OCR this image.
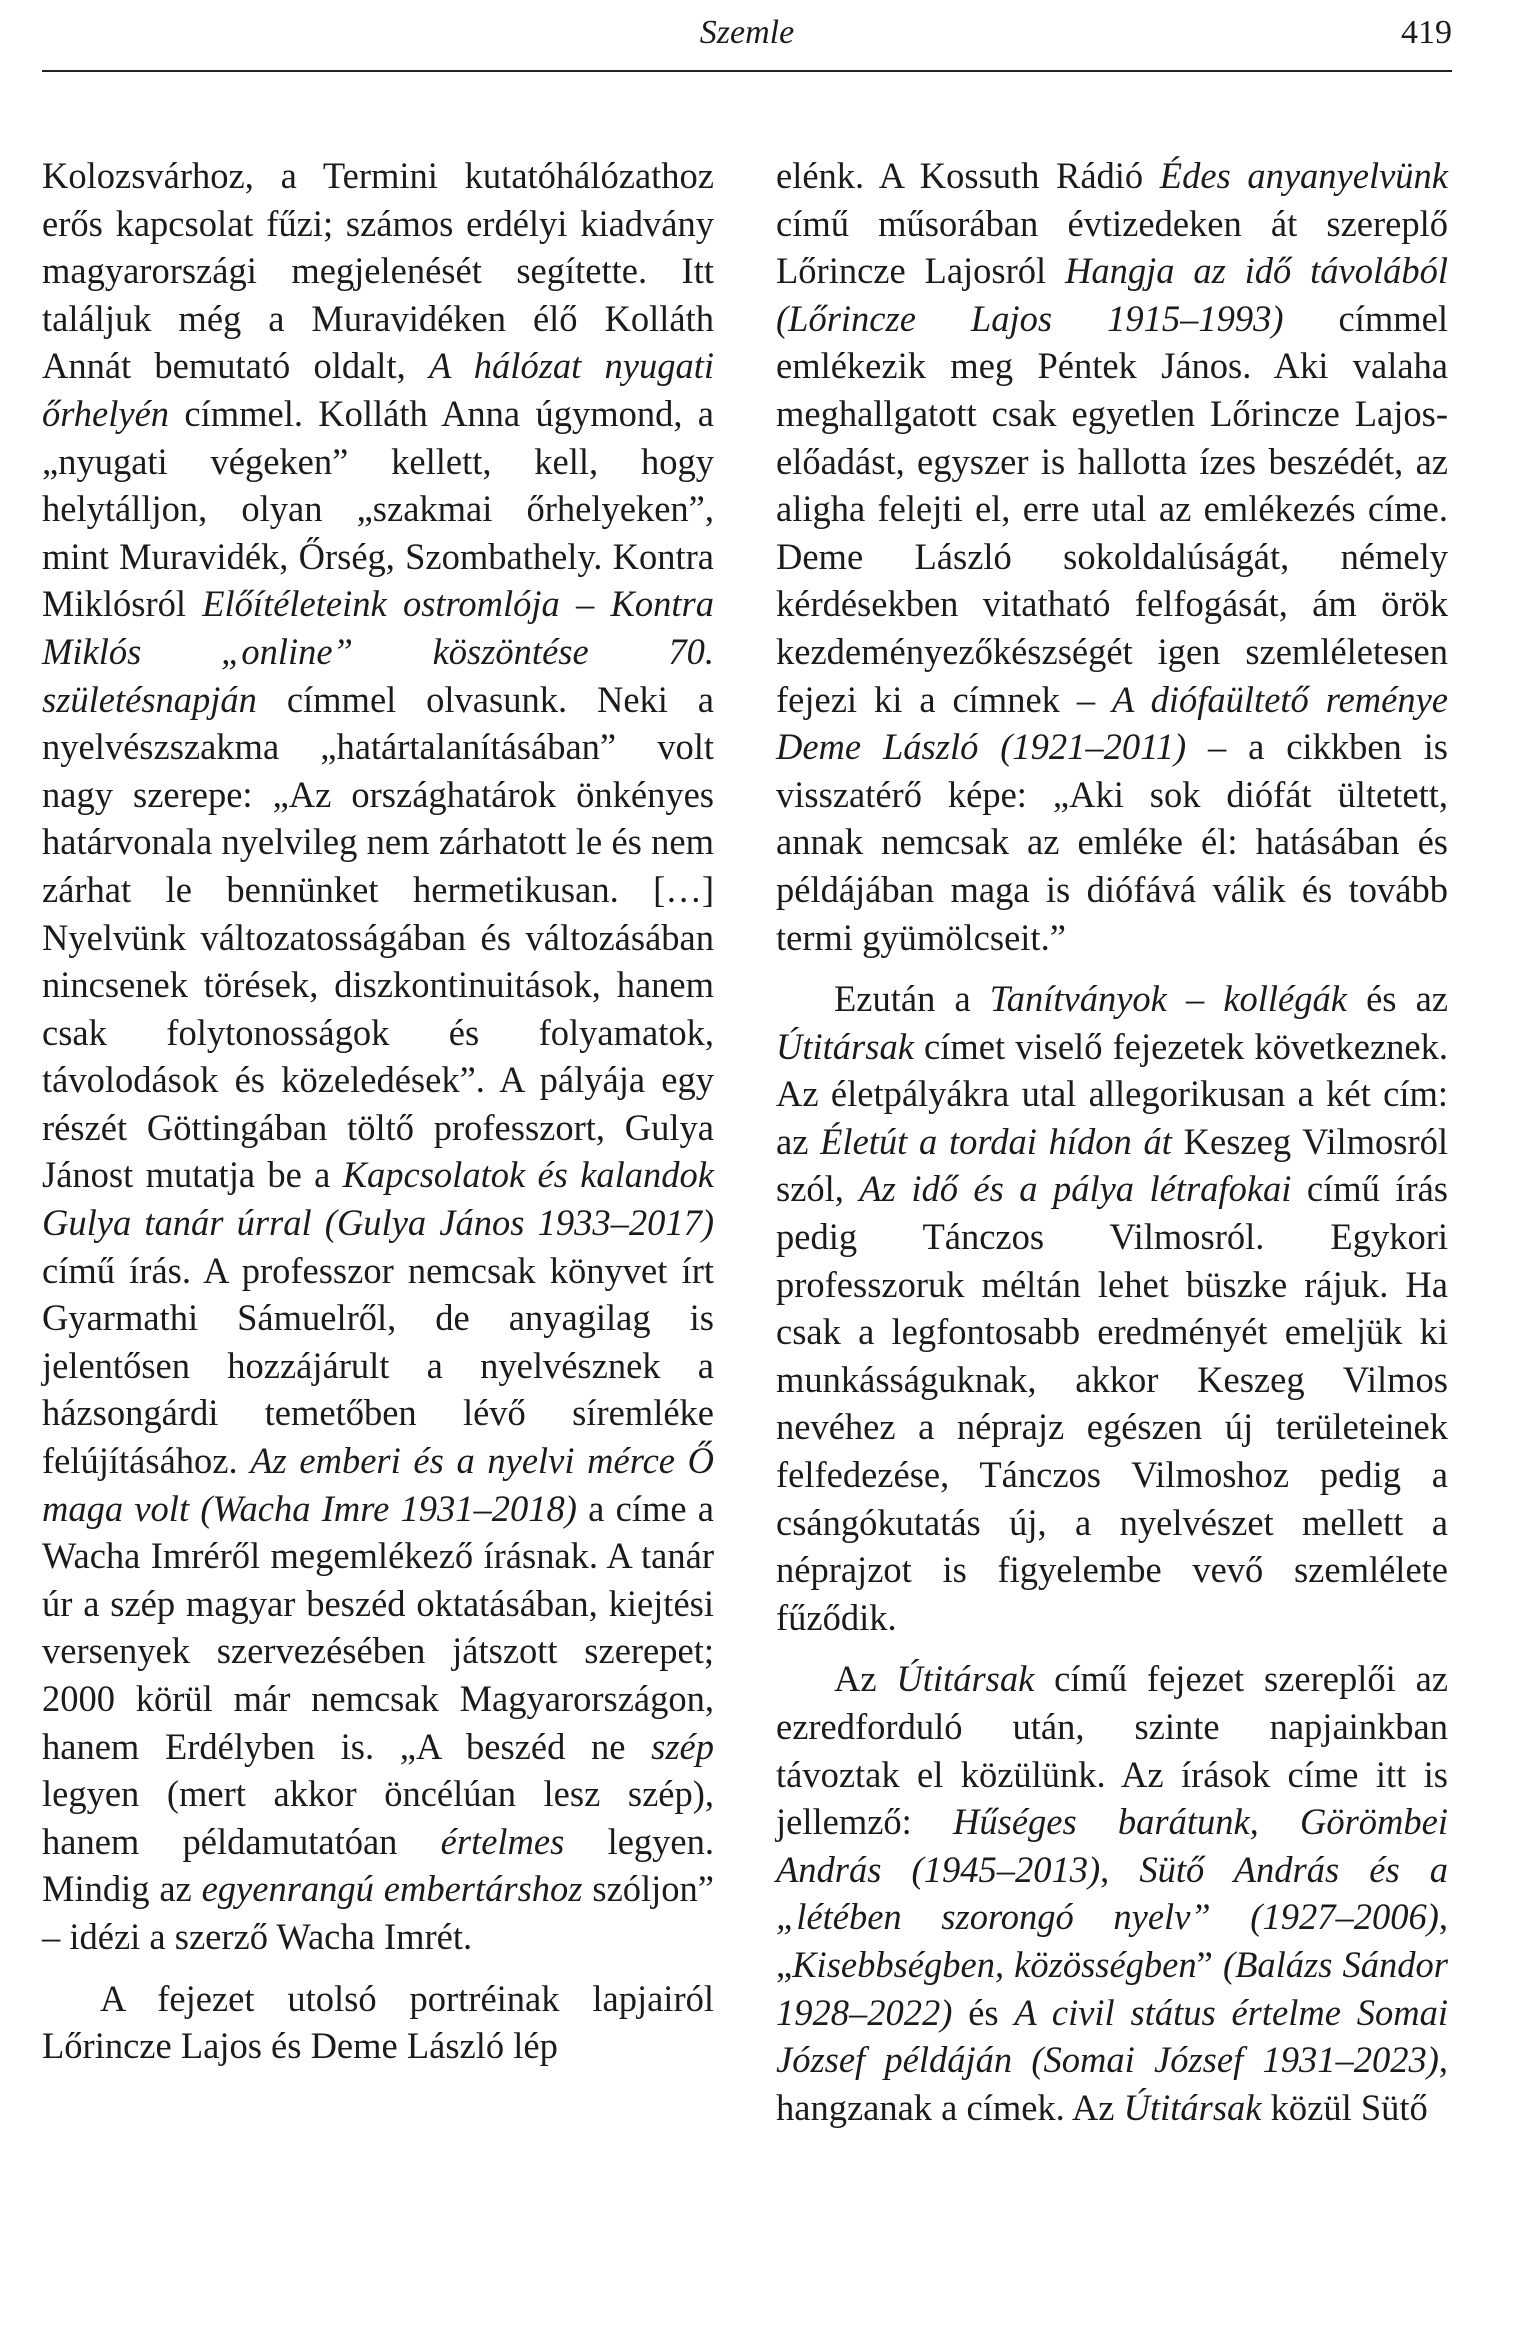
Szemle	419

Kolozsvárhoz, a Termini kutatóhálózathoz erős kapcsolat fűzi; számos erdélyi kiadvány magyarországi megjelenését segítette. Itt találjuk még a Muravidéken élő Kolláth Annát bemutató oldalt, A hálózat nyugati őrhelyén címmel. Kolláth Anna úgymond, a „nyugati végeken” kellett, kell, hogy helytálljon, olyan „szakmai őrhelyeken”, mint Muravidék, Őrség, Szombathely. Kontra Miklósról Előítéleteink ostromlója – Kontra Miklós „online” köszöntése 70. születésnapján címmel olvasunk. Neki a nyelvészszakma „határtalanításában” volt nagy szerepe: „Az országhatárok önkényes határvonala nyelvileg nem zárhatott le és nem zárhat le bennünket hermetikusan. […] Nyelvünk változatosságában és változásában nincsenek törések, diszkontinuitások, hanem csak folytonosságok és folyamatok, távolodások és közeledések”. A pályája egy részét Göttingában töltő professzort, Gulya Jánost mutatja be a Kapcsolatok és kalandok Gulya tanár úrral (Gulya János 1933–2017) című írás. A professzor nemcsak könyvet írt Gyarmathi Sámuelről, de anyagilag is jelentősen hozzájárult a nyelvésznek a házsongárdi temetőben lévő síremléke felújításához. Az emberi és a nyelvi mérce Ő maga volt (Wacha Imre 1931–2018) a címe a Wacha Imréről megemlékező írásnak. A tanár úr a szép magyar beszéd oktatásában, kiejtési versenyek szervezésében játszott szerepet; 2000 körül már nemcsak Magyarországon, hanem Erdélyben is. „A beszéd ne szép legyen (mert akkor öncélúan lesz szép), hanem példamutatóan értelmes legyen. Mindig az egyenrangú embertárshoz szóljon” – idézi a szerző Wacha Imrét.

A fejezet utolsó portréinak lapjairól Lőrincze Lajos és Deme László lép

elénk. A Kossuth Rádió Édes anyanyelvünk című műsorában évtizedeken át szereplő Lőrincze Lajosról Hangja az idő távolából (Lőrincze Lajos 1915–1993) címmel emlékezik meg Péntek János. Aki valaha meghallgatott csak egyetlen Lőrincze Lajos-előadást, egyszer is hallotta ízes beszédét, az aligha felejti el, erre utal az emlékezés címe. Deme László sokoldalúságát, némely kérdésekben vitatható felfogását, ám örök kezdeményezőkészségét igen szemléletesen fejezi ki a címnek – A diófaültető reménye Deme László (1921–2011) – a cikkben is visszatérő képe: „Aki sok diófát ültetett, annak nemcsak az emléke él: hatásában és példájában maga is diófává válik és tovább termi gyümölcseit.”

Ezután a Tanítványok – kollégák és az Útitársak címet viselő fejezetek következnek. Az életpályákra utal allegorikusan a két cím: az Életút a tordai hídon át Keszeg Vilmosról szól, Az idő és a pálya létrafokai című írás pedig Tánczos Vilmosról. Egykori professzoruk méltán lehet büszke rájuk. Ha csak a legfontosabb eredményét emeljük ki munkásságuknak, akkor Keszeg Vilmos nevéhez a néprajz egészen új területeinek felfedezése, Tánczos Vilmoshoz pedig a csángókutatás új, a nyelvészet mellett a néprajzot is figyelembe vevő szemlélete fűződik.

Az Útitársak című fejezet szereplői az ezredforduló után, szinte napjainkban távoztak el közülünk. Az írások címe itt is jellemző: Hűséges barátunk, Görömbei András (1945–2013), Sütő András és a „létében szorongó nyelv” (1927–2006), „Kisebbségben, közösségben” (Balázs Sándor 1928–2022) és A civil státus értelme Somai József példáján (Somai József 1931–2023), hangzanak a címek. Az Útitársak közül Sütő
